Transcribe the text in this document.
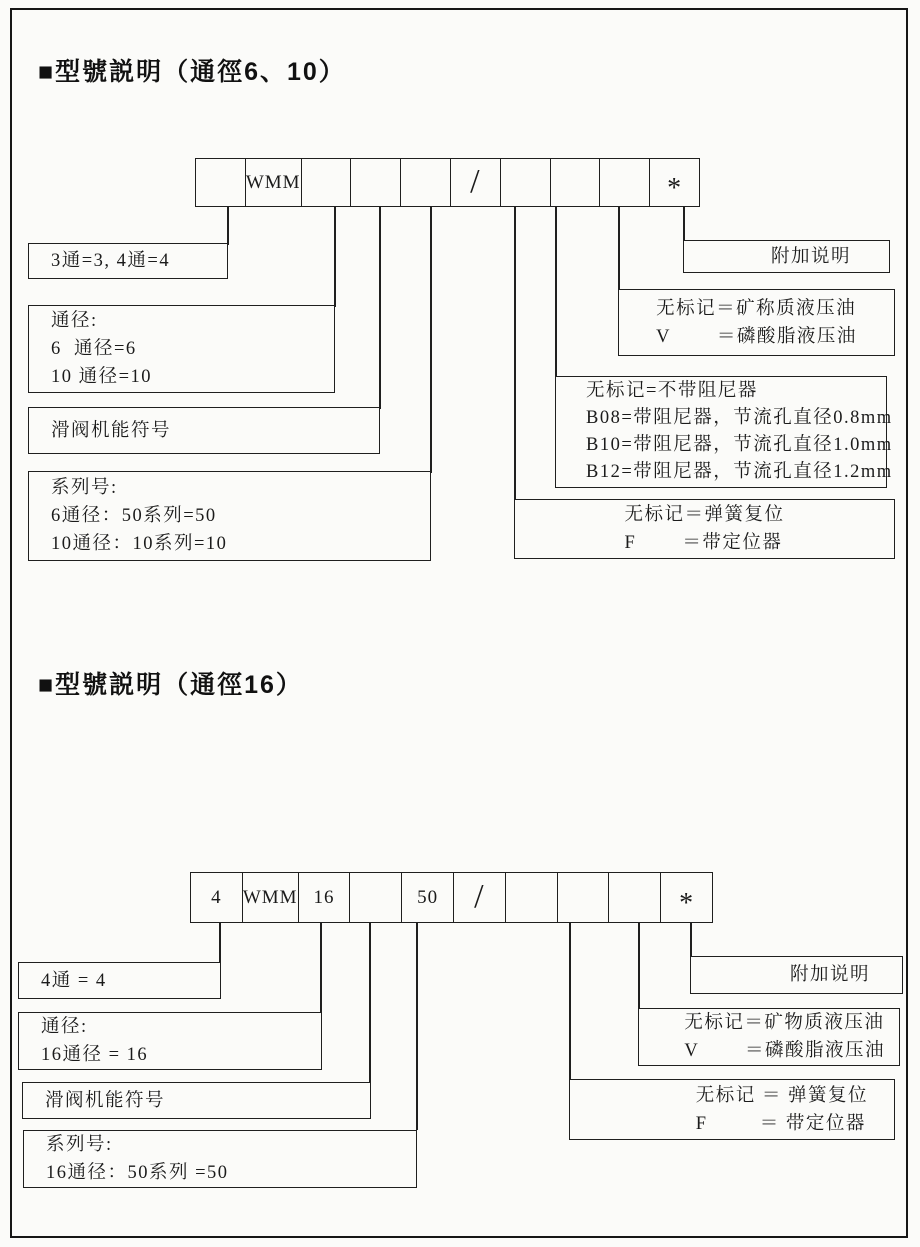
■型號説明（通徑6、10）
WMM	/	*
3通=3, 4通=4
通径:
6  通径=6
10 通径=10
滑阀机能符号
系列号:
6通径：50系列=50
10通径：10系列=10
附加说明
无标记＝矿称质液压油
V　　 ＝磷酸脂液压油
无标记=不带阻尼器
B08=带阻尼器，节流孔直径0.8mm
B10=带阻尼器，节流孔直径1.0mm
B12=带阻尼器，节流孔直径1.2mm
无标记＝弹簧复位
F　　 ＝带定位器
■型號説明（通徑16）
4	WMM 16	50	/	*
4通 = 4
通径:
16通径 = 16
滑阀机能符号
系列号:
16通径：50系列 =50
附加说明
无标记＝矿物质液压油
V　　 ＝磷酸脂液压油
无标记 ＝ 弹簧复位
F　　  ＝ 带定位器
